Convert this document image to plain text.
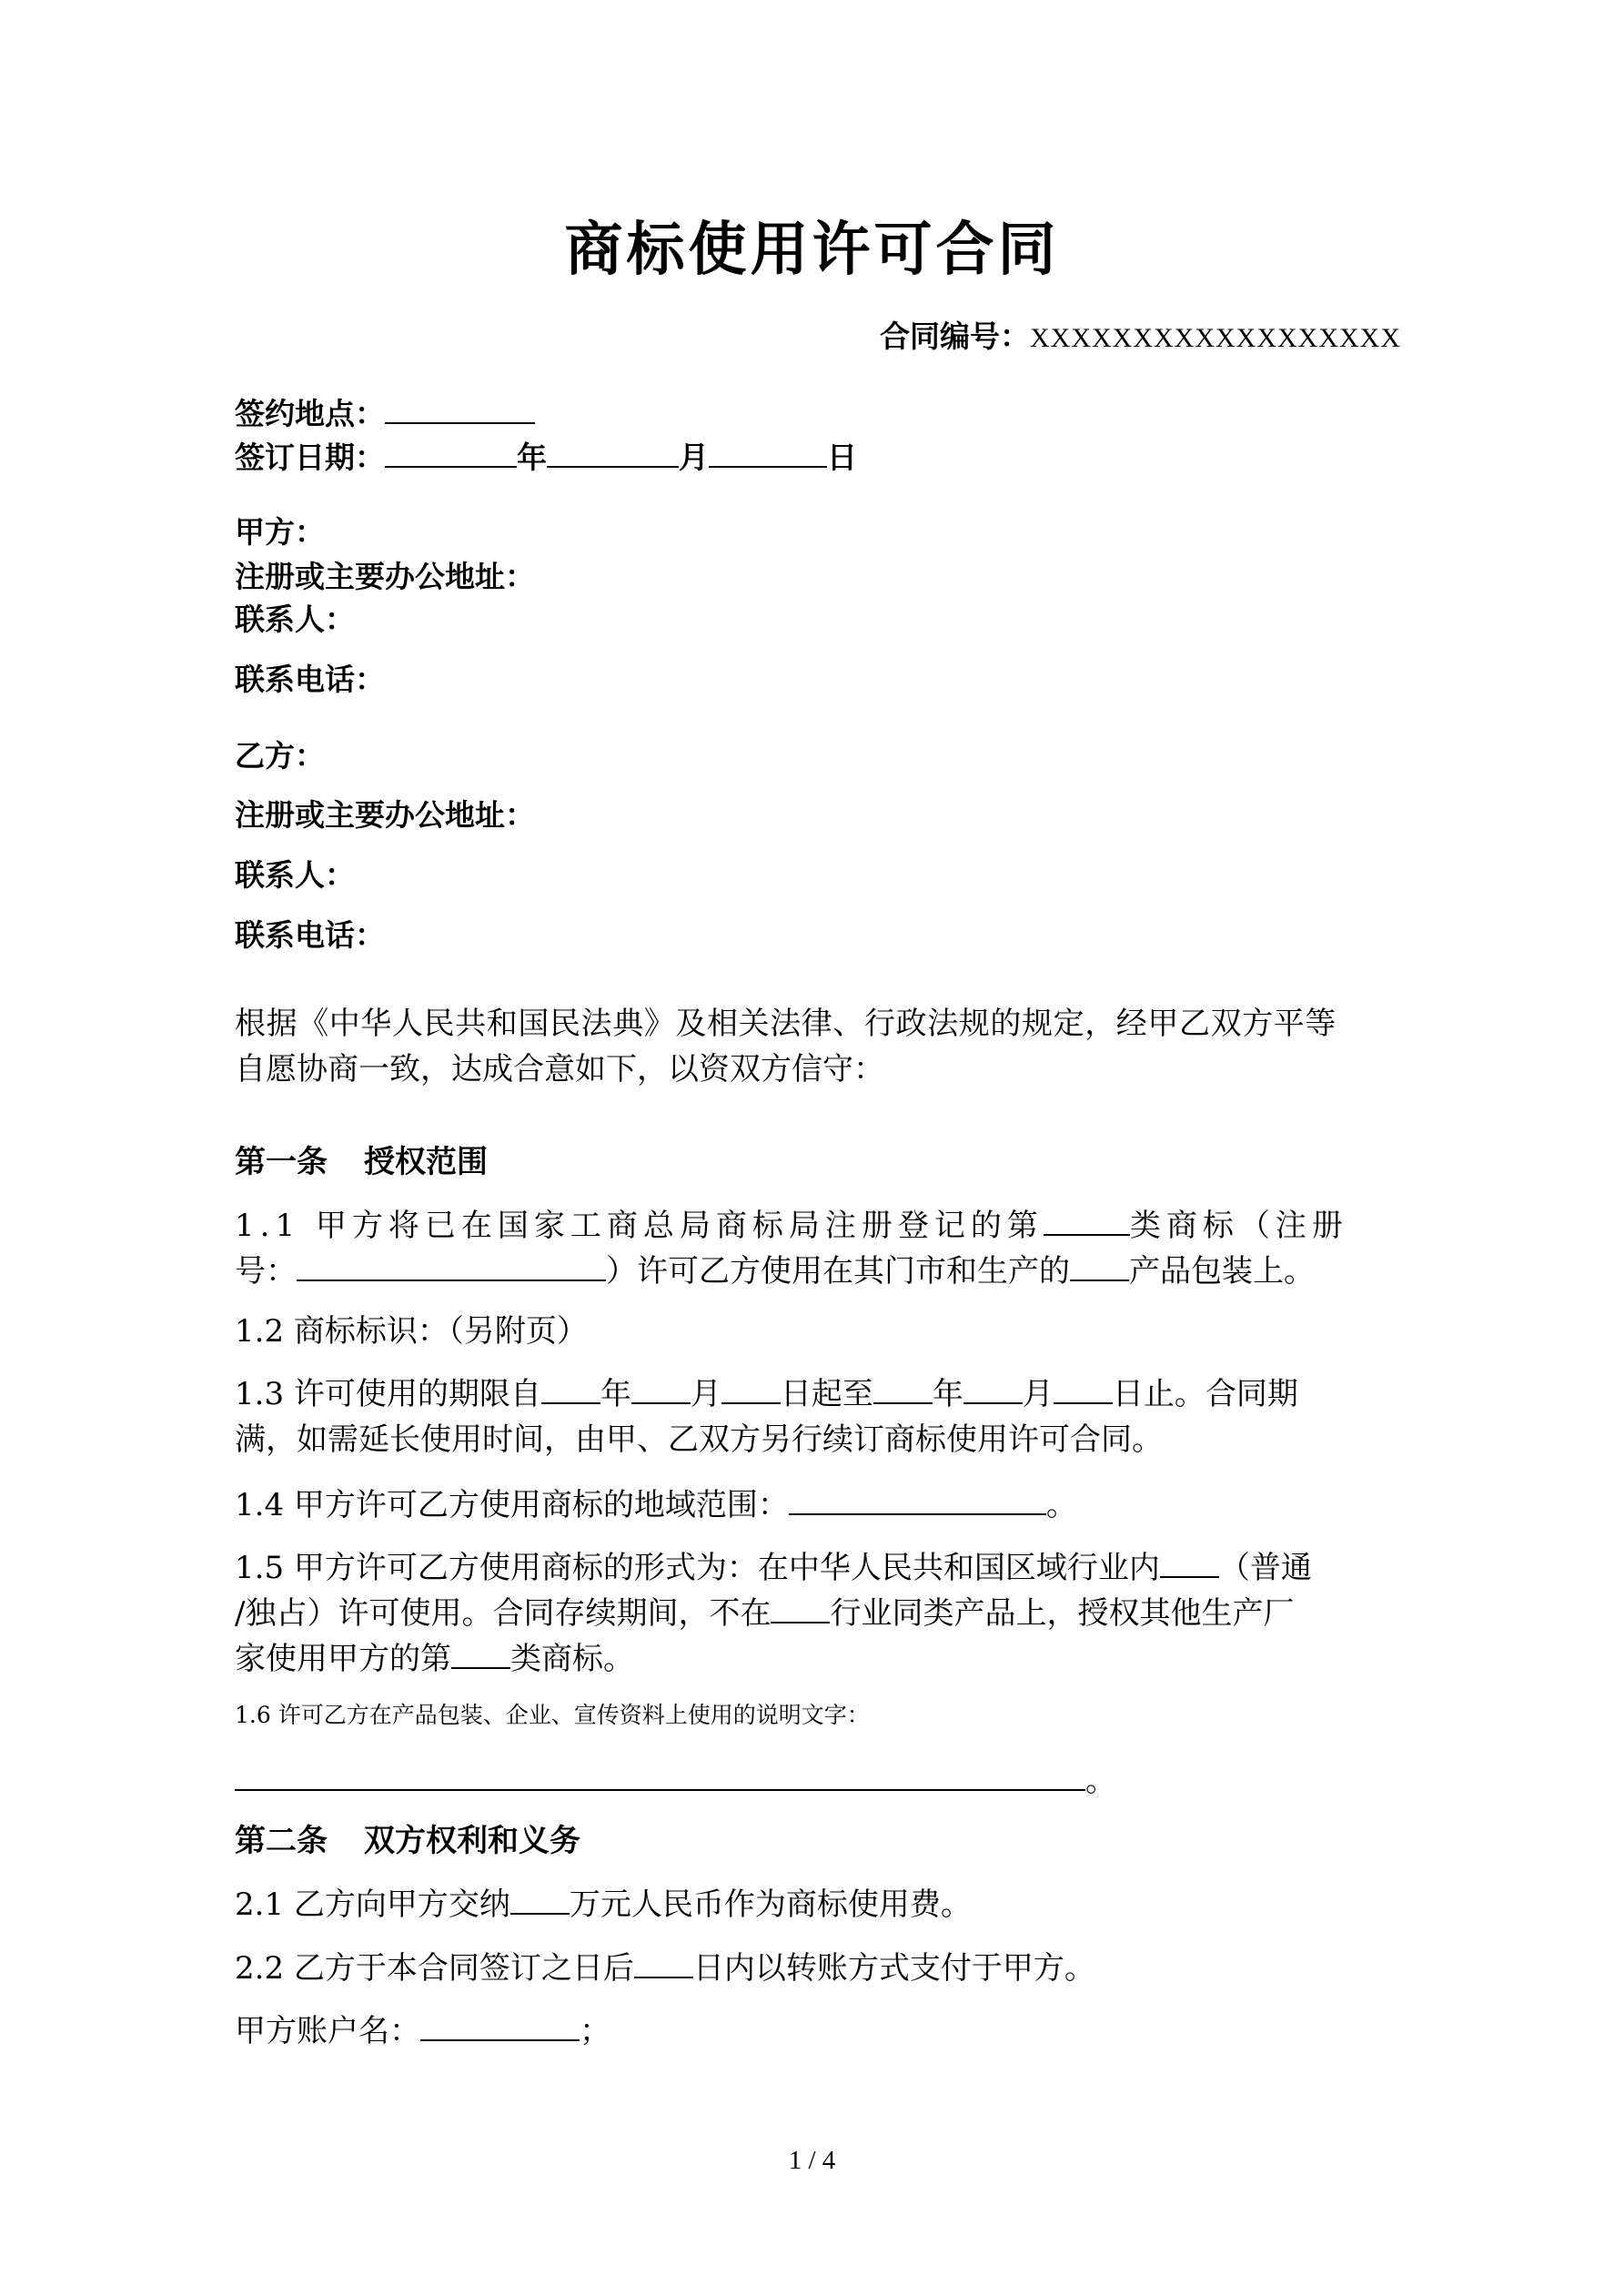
商标使用许可合同
合同编号：XXXXXXXXXXXXXXXXXX
签约地点：
签订日期：	年	月	日
甲方：
注册或主要办公地址：
联系人：
联系电话：
乙方：
注册或主要办公地址：
联系人：
联系电话：
根据《中华人民共和国民法典》及相关法律、行政法规的规定，经甲乙双方平等
自愿协商一致，达成合意如下，以资双方信守：
第一条 授权范围
1.1 甲方将已在国家工商总局商标局注册登记的第	类商标（注册
号：	）许可乙方使用在其门市和生产的 产品包装上。
1.2 商标标识：（另附页）
1.3 许可使用的期限自 年 月 日起至 年 月 日止。合同期
满，如需延长使用时间，由甲、乙双方另行续订商标使用许可合同。
1.4 甲方许可乙方使用商标的地域范围：	。
1.5 甲方许可乙方使用商标的形式为：在中华人民共和国区域行业内 （普通
/独占）许可使用。合同存续期间，不在 行业同类产品上，授权其他生产厂
家使用甲方的第 类商标。
1.6 许可乙方在产品包装、企业、宣传资料上使用的说明文字：
。
第二条 双方权利和义务
2.1 乙方向甲方交纳 万元人民币作为商标使用费。
2.2 乙方于本合同签订之日后 日内以转账方式支付于甲方。
甲方账户名：	；
1 / 4
